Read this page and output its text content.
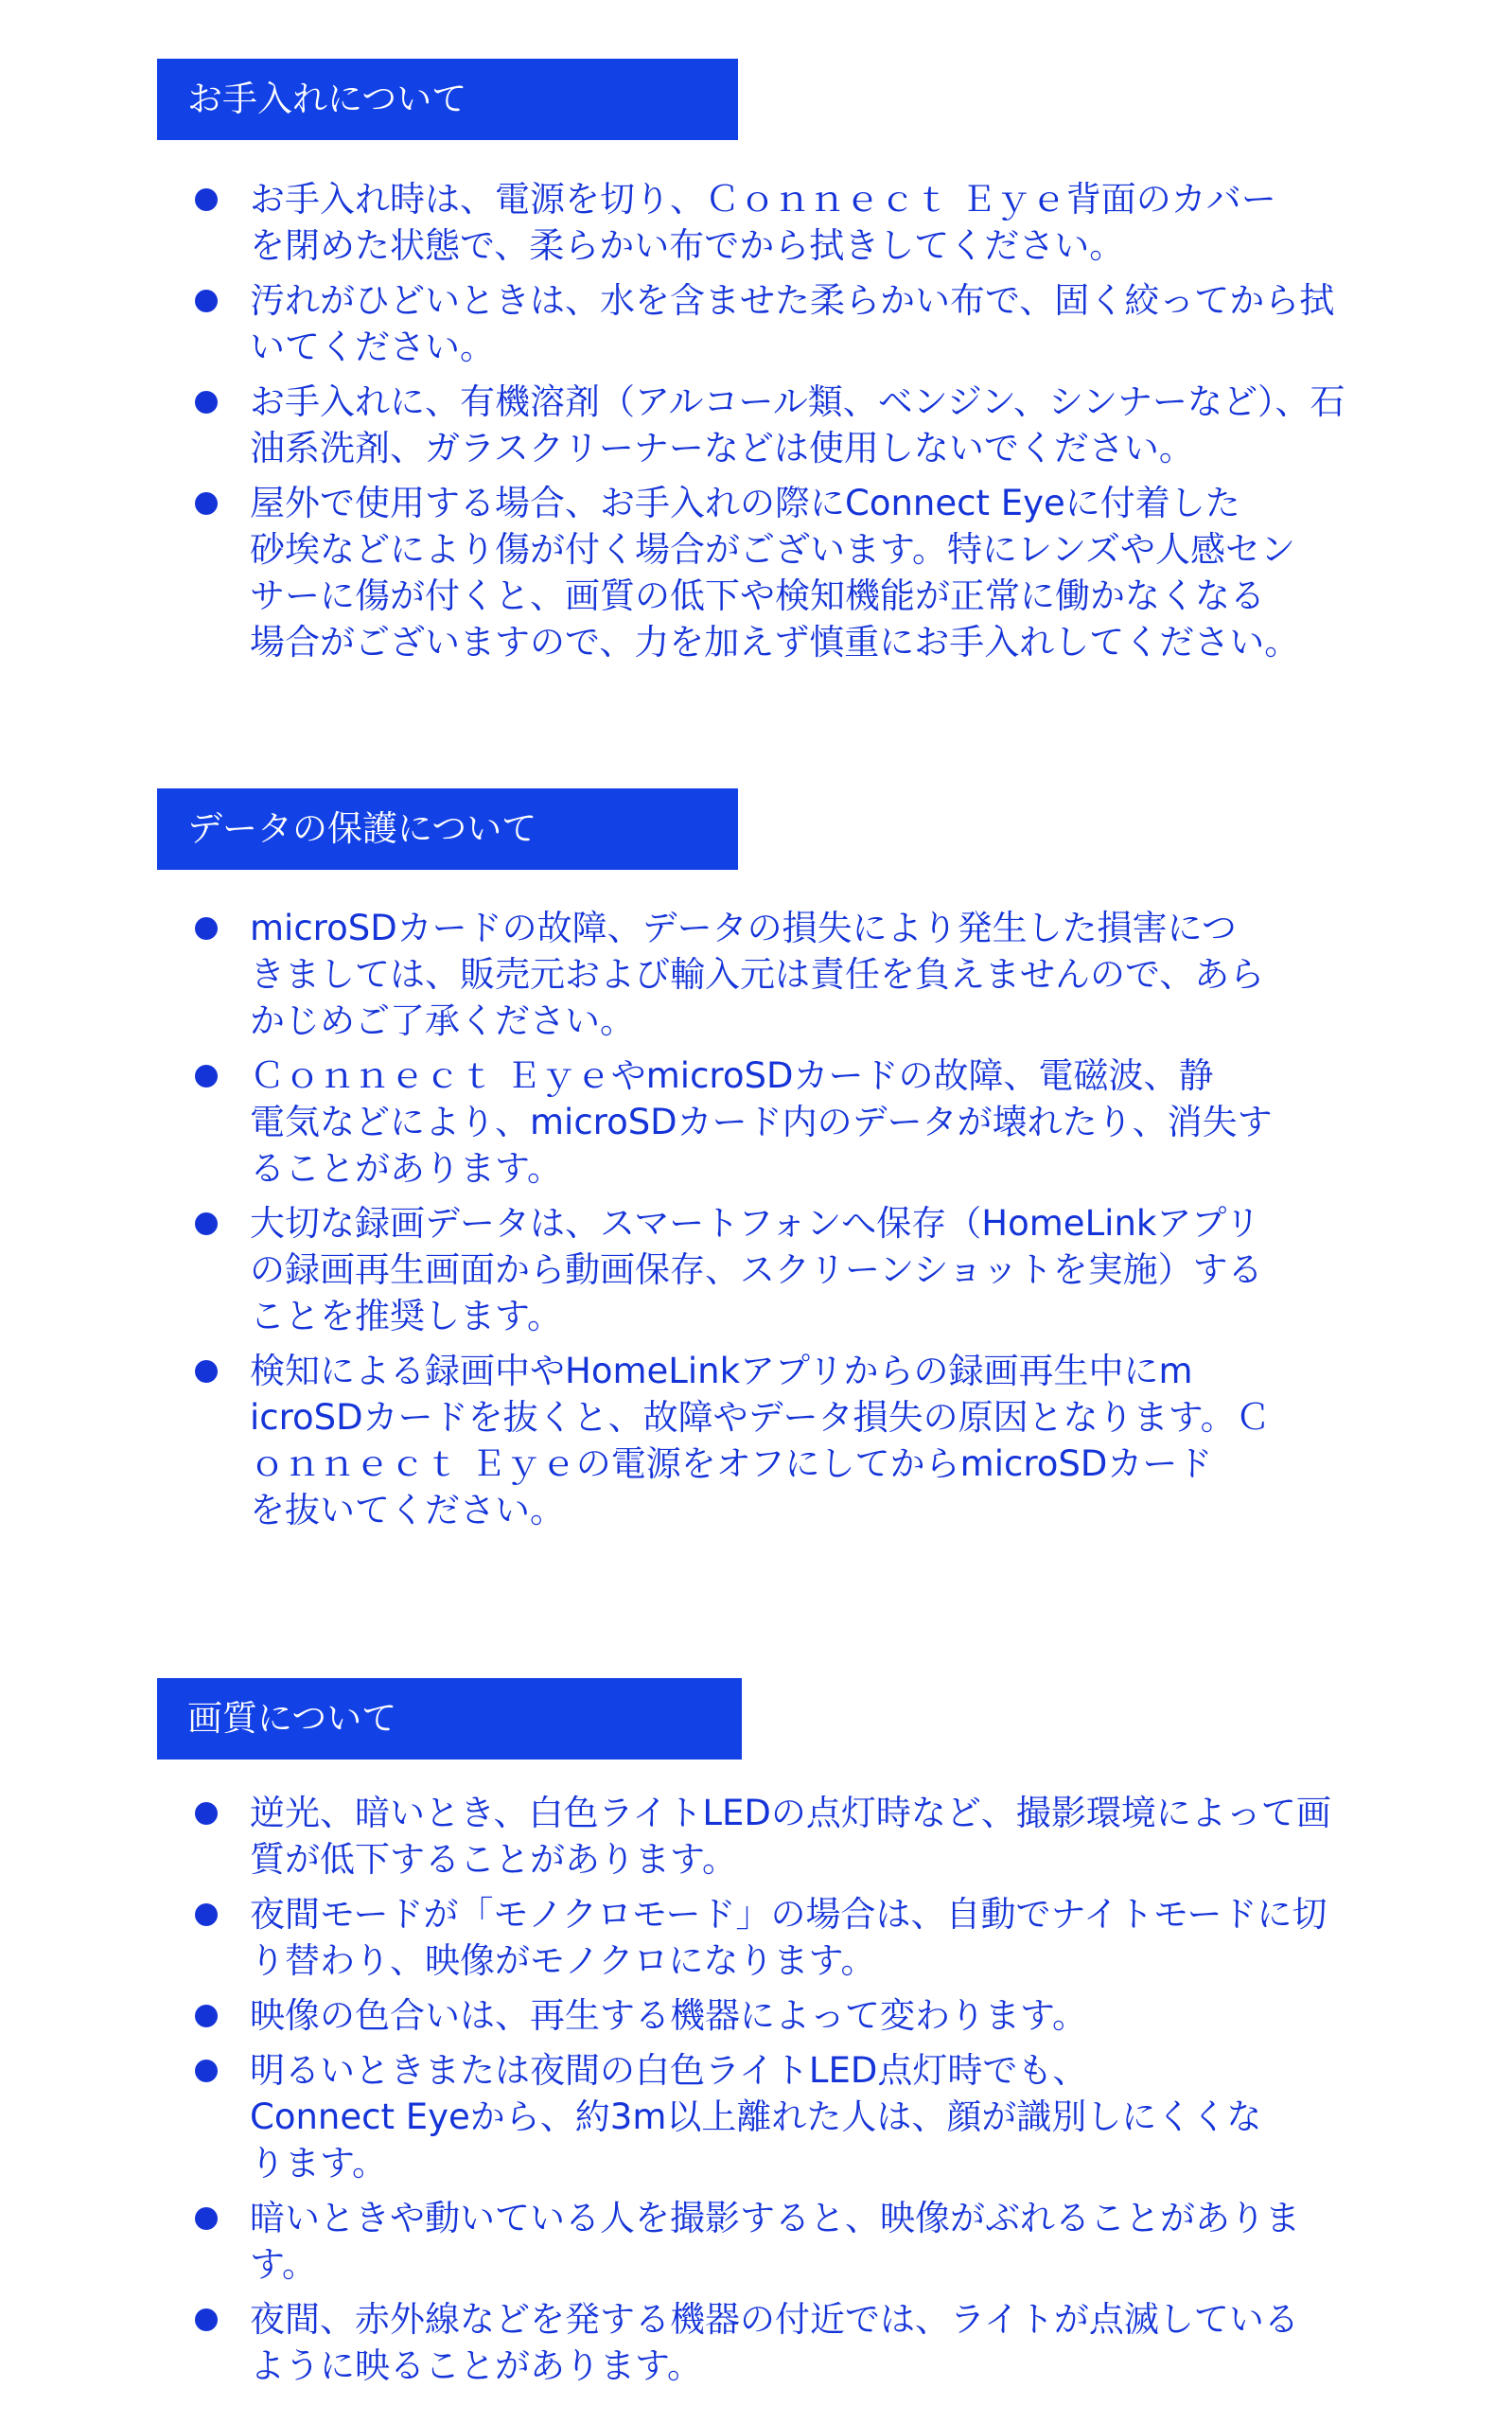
お手入れについて
お手入れ時は、電源を切り、Ｃｏｎｎｅｃｔ Ｅｙｅ背面のカバー
を閉めた状態で、柔らかい布でから拭きしてください。
汚れがひどいときは、水を含ませた柔らかい布で、固く絞ってから拭
いてください。
お手入れに、有機溶剤（アルコール類、ベンジン、シンナーなど）、石
油系洗剤、ガラスクリーナーなどは使用しないでください。
屋外で使用する場合、お手入れの際にConnect Eyeに付着した
砂埃などにより傷が付く場合がございます。特にレンズや人感セン
サーに傷が付くと、画質の低下や検知機能が正常に働かなくなる
場合がございますので、力を加えず慎重にお手入れしてください。
データの保護について
microSDカードの故障、データの損失により発生した損害につ
きましては、販売元および輸入元は責任を負えませんので、あら
かじめご了承ください。
Ｃｏｎｎｅｃｔ ＥｙｅやmicroSDカードの故障、電磁波、静
電気などにより、microSDカード内のデータが壊れたり、消失す
ることがあります。
大切な録画データは、スマートフォンへ保存（HomeLinkアプリ
の録画再生画面から動画保存、スクリーンショットを実施）する
ことを推奨します。
検知による録画中やHomeLinkアプリからの録画再生中にm
icroSDカードを抜くと、故障やデータ損失の原因となります。Ｃ
ｏｎｎｅｃｔ Ｅｙｅの電源をオフにしてからmicroSDカード
を抜いてください。
画質について
逆光、暗いとき、白色ライトLEDの点灯時など、撮影環境によって画
質が低下することがあります。
夜間モードが「モノクロモード」の場合は、自動でナイトモードに切
り替わり、映像がモノクロになります。
映像の色合いは、再生する機器によって変わります。
明るいときまたは夜間の白色ライトLED点灯時でも、
Connect Eyeから、約3m以上離れた人は、顔が識別しにくくな
ります。
暗いときや動いている人を撮影すると、映像がぶれることがありま
す。
夜間、赤外線などを発する機器の付近では、ライトが点滅している
ように映ることがあります。
